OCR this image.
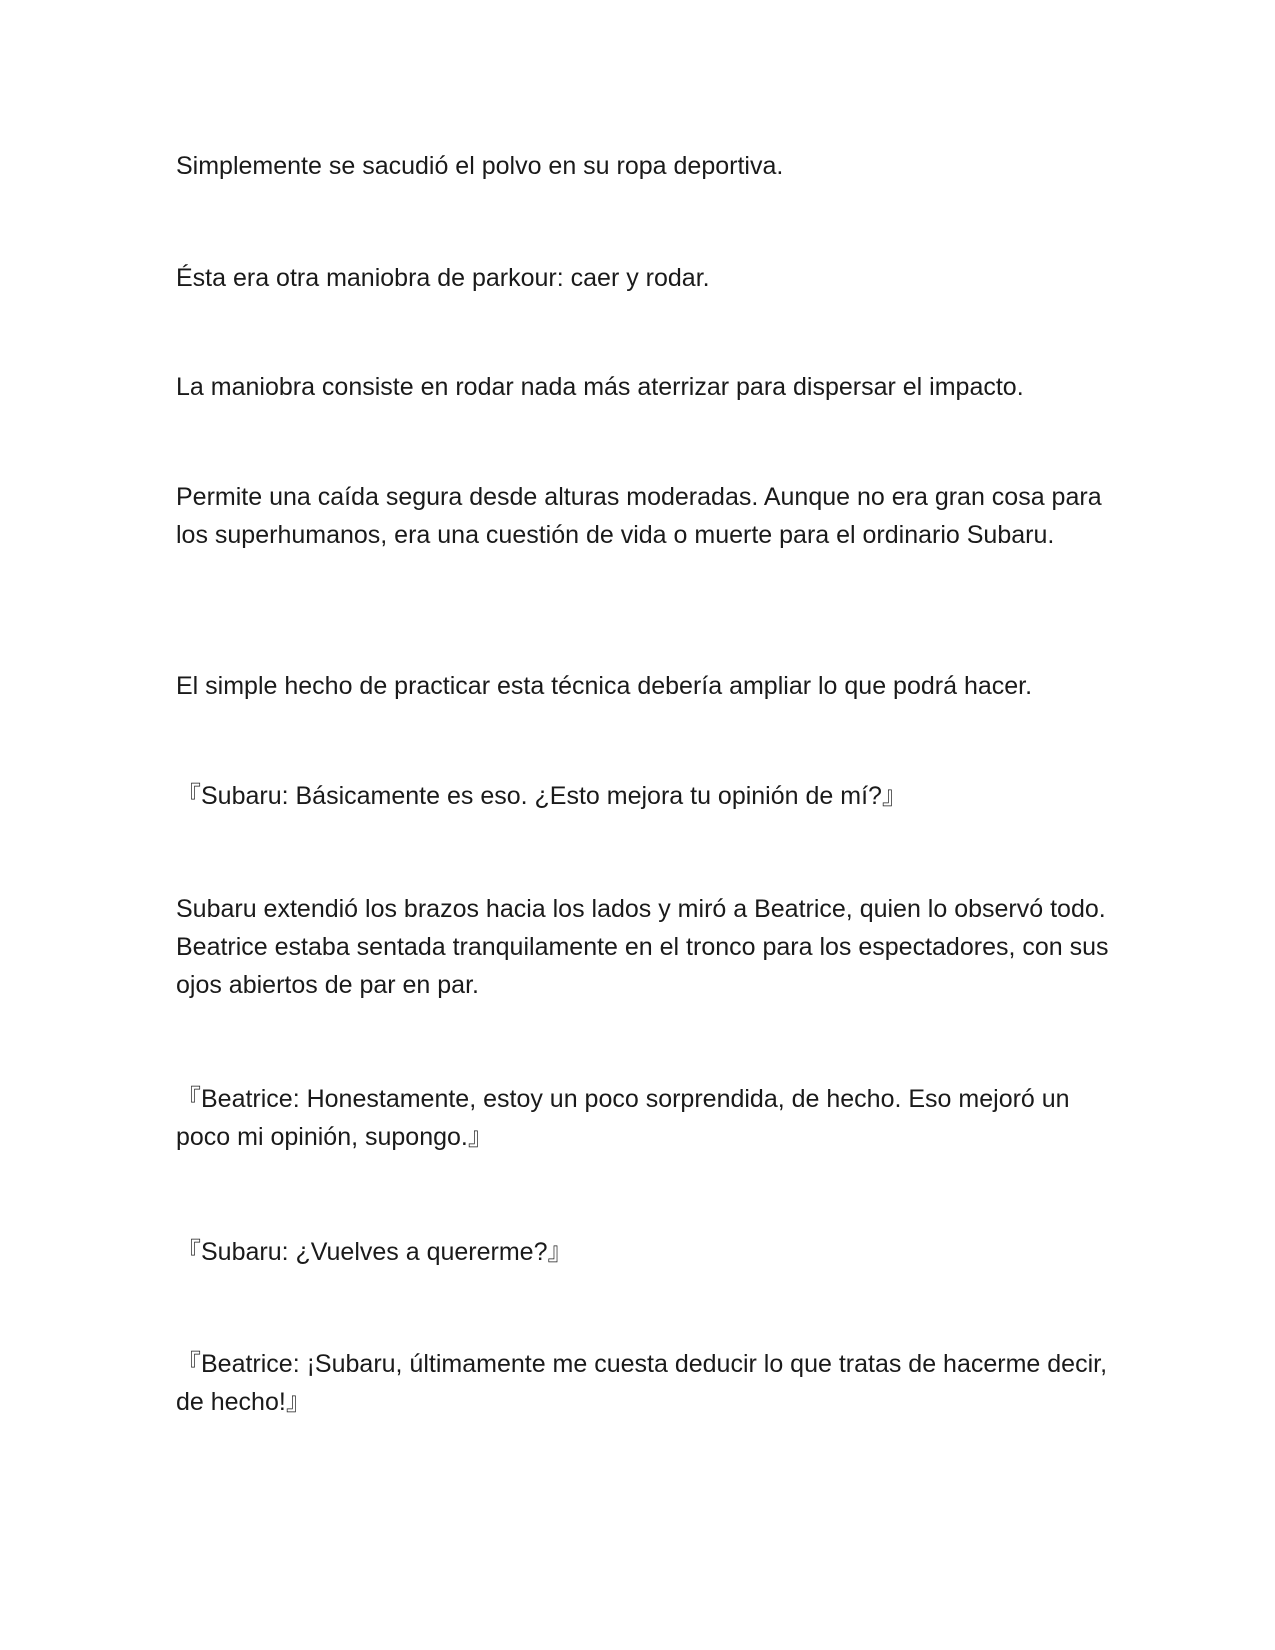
Simplemente se sacudió el polvo en su ropa deportiva.

Ésta era otra maniobra de parkour: caer y rodar.

La maniobra consiste en rodar nada más aterrizar para dispersar el impacto.

Permite una caída segura desde alturas moderadas. Aunque no era gran cosa para los superhumanos, era una cuestión de vida o muerte para el ordinario Subaru.

El simple hecho de practicar esta técnica debería ampliar lo que podrá hacer.

『Subaru: Básicamente es eso. ¿Esto mejora tu opinión de mí?』

Subaru extendió los brazos hacia los lados y miró a Beatrice, quien lo observó todo. Beatrice estaba sentada tranquilamente en el tronco para los espectadores, con sus ojos abiertos de par en par.

『Beatrice: Honestamente, estoy un poco sorprendida, de hecho. Eso mejoró un poco mi opinión, supongo.』

『Subaru: ¿Vuelves a quererme?』

『Beatrice: ¡Subaru, últimamente me cuesta deducir lo que tratas de hacerme decir, de hecho!』
